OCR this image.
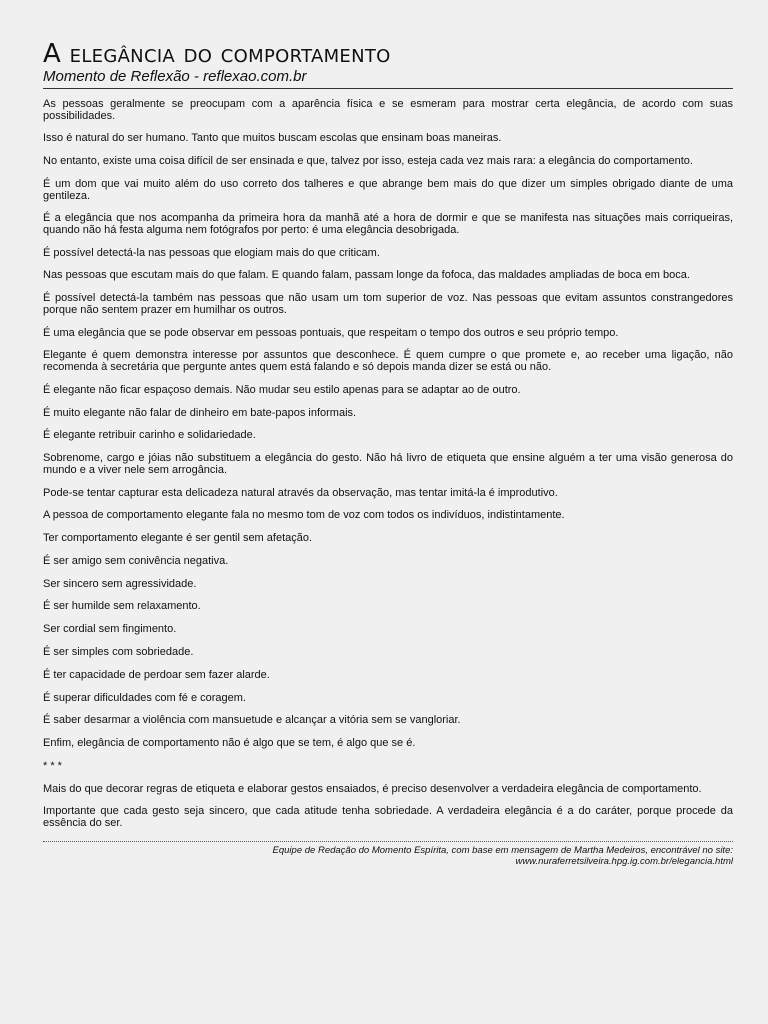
A elegância do comportamento
Momento de Reflexão - reflexao.com.br

As pessoas geralmente se preocupam com a aparência física e se esmeram para mostrar certa elegância, de acordo com suas possibilidades.

Isso é natural do ser humano. Tanto que muitos buscam escolas que ensinam boas maneiras.

No entanto, existe uma coisa difícil de ser ensinada e que, talvez por isso, esteja cada vez mais rara: a elegância do comportamento.

É um dom que vai muito além do uso correto dos talheres e que abrange bem mais do que dizer um simples obrigado diante de uma gentileza.

É a elegância que nos acompanha da primeira hora da manhã até a hora de dormir e que se manifesta nas situações mais corriqueiras, quando não há festa alguma nem fotógrafos por perto: é uma elegância desobrigada.

É possível detectá-la nas pessoas que elogiam mais do que criticam.

Nas pessoas que escutam mais do que falam. E quando falam, passam longe da fofoca, das maldades ampliadas de boca em boca.

É possível detectá-la também nas pessoas que não usam um tom superior de voz. Nas pessoas que evitam assuntos constrangedores porque não sentem prazer em humilhar os outros.

É uma elegância que se pode observar em pessoas pontuais, que respeitam o tempo dos outros e seu próprio tempo.

Elegante é quem demonstra interesse por assuntos que desconhece. É quem cumpre o que promete e, ao receber uma ligação, não recomenda à secretária que pergunte antes quem está falando e só depois manda dizer se está ou não.

É elegante não ficar espaçoso demais. Não mudar seu estilo apenas para se adaptar ao de outro.

É muito elegante não falar de dinheiro em bate-papos informais.

É elegante retribuir carinho e solidariedade.

Sobrenome, cargo e jóias não substituem a elegância do gesto. Não há livro de etiqueta que ensine alguém a ter uma visão generosa do mundo e a viver nele sem arrogância.

Pode-se tentar capturar esta delicadeza natural através da observação, mas tentar imitá-la é improdutivo.

A pessoa de comportamento elegante fala no mesmo tom de voz com todos os indivíduos, indistintamente.

Ter comportamento elegante é ser gentil sem afetação.

É ser amigo sem conivência negativa.

Ser sincero sem agressividade.

É ser humilde sem relaxamento.

Ser cordial sem fingimento.

É ser simples com sobriedade.

É ter capacidade de perdoar sem fazer alarde.

É superar dificuldades com fé e coragem.

É saber desarmar a violência com mansuetude e alcançar a vitória sem se vangloriar.

Enfim, elegância de comportamento não é algo que se tem, é algo que se é.

* * *

Mais do que decorar regras de etiqueta e elaborar gestos ensaiados, é preciso desenvolver a verdadeira elegância de comportamento.

Importante que cada gesto seja sincero, que cada atitude tenha sobriedade. A verdadeira elegância é a do caráter, porque procede da essência do ser.

Equipe de Redação do Momento Espírita, com base em mensagem de Martha Medeiros, encontrável no site:
www.nuraferretsilveira.hpg.ig.com.br/elegancia.html
